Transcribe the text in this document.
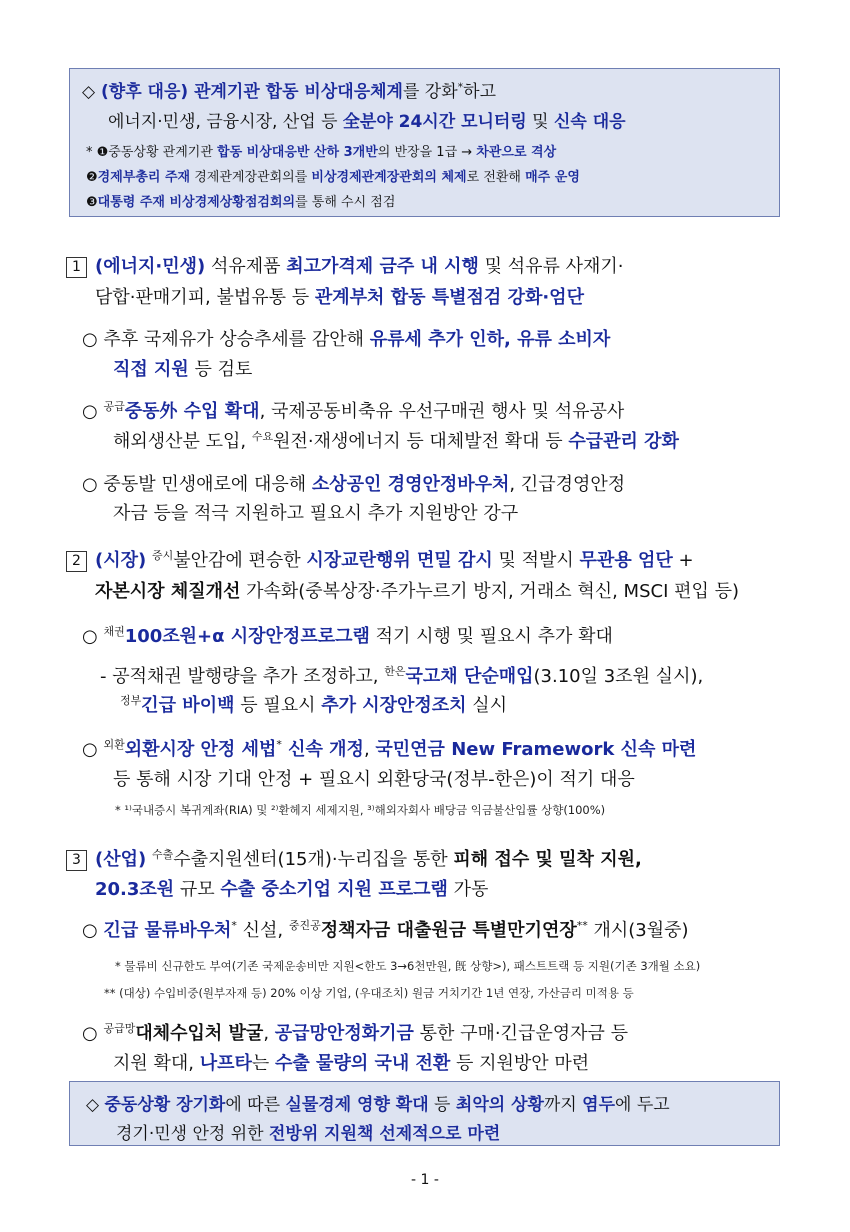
◇ (향후 대응) 관계기관 합동 비상대응체계를 강화*하고
에너지·민생, 금융시장, 산업 등 全분야 24시간 모니터링 및 신속 대응
* ❶중동상황 관계기관 합동 비상대응반 산하 3개반의 반장을 1급 → 차관으로 격상
❷경제부총리 주재 경제관계장관회의를 비상경제관계장관회의 체제로 전환해 매주 운영
❸대통령 주재 비상경제상황점검회의를 통해 수시 점검
1 (에너지·민생) 석유제품 최고가격제 금주 내 시행 및 석유류 사재기·
담합·판매기피, 불법유통 등 관계부처 합동 특별점검 강화·엄단
○ 추후 국제유가 상승추세를 감안해 유류세 추가 인하, 유류 소비자
직접 지원 등 검토
○ $^{공급}$중동外 수입 확대, 국제공동비축유 우선구매권 행사 및 석유공사
해외생산분 도입, $^{수요}$원전·재생에너지 등 대체발전 확대 등 수급관리 강화
○ 중동발 민생애로에 대응해 소상공인 경영안정바우처, 긴급경영안정
자금 등을 적극 지원하고 필요시 추가 지원방안 강구
2 (시장) $^{증시}$불안감에 편승한 시장교란행위 면밀 감시 및 적발시 무관용 엄단 +
자본시장 체질개선 가속화(중복상장·주가누르기 방지, 거래소 혁신, MSCI 편입 등)
○ $^{채권}$100조원+α 시장안정프로그램 적기 시행 및 필요시 추가 확대
- 공적채권 발행량을 추가 조정하고, $^{한은}$국고채 단순매입(3.10일 3조원 실시),
$^{정부}$긴급 바이백 등 필요시 추가 시장안정조치 실시
○ $^{외환}$외환시장 안정 세법* 신속 개정, 국민연금 New Framework 신속 마련
등 통해 시장 기대 안정 + 필요시 외환당국(정부-한은)이 적기 대응
* ¹⁾국내증시 복귀계좌(RIA) 및 ²⁾환헤지 세제지원, ³⁾해외자회사 배당금 익금불산입률 상향(100%)
3 (산업) $^{수출}$수출지원센터(15개)·누리집을 통한 피해 접수 및 밀착 지원,
20.3조원 규모 수출 중소기업 지원 프로그램 가동
○ 긴급 물류바우처* 신설, $^{중진공}$정책자금 대출원금 특별만기연장** 개시(3월중)
* 물류비 신규한도 부여(기존 국제운송비만 지원<한도 3→6천만원, 旣 상향>), 패스트트랙 등 지원(기존 3개월 소요)
** (대상) 수입비중(원부자재 등) 20% 이상 기업, (우대조치) 원금 거치기간 1년 연장, 가산금리 미적용 등
○ $^{공급망}$대체수입처 발굴, 공급망안정화기금 통한 구매·긴급운영자금 등
지원 확대, 나프타는 수출 물량의 국내 전환 등 지원방안 마련
◇ 중동상황 장기화에 따른 실물경제 영향 확대 등 최악의 상황까지 염두에 두고
경기·민생 안정 위한 전방위 지원책 선제적으로 마련
- 1 -
